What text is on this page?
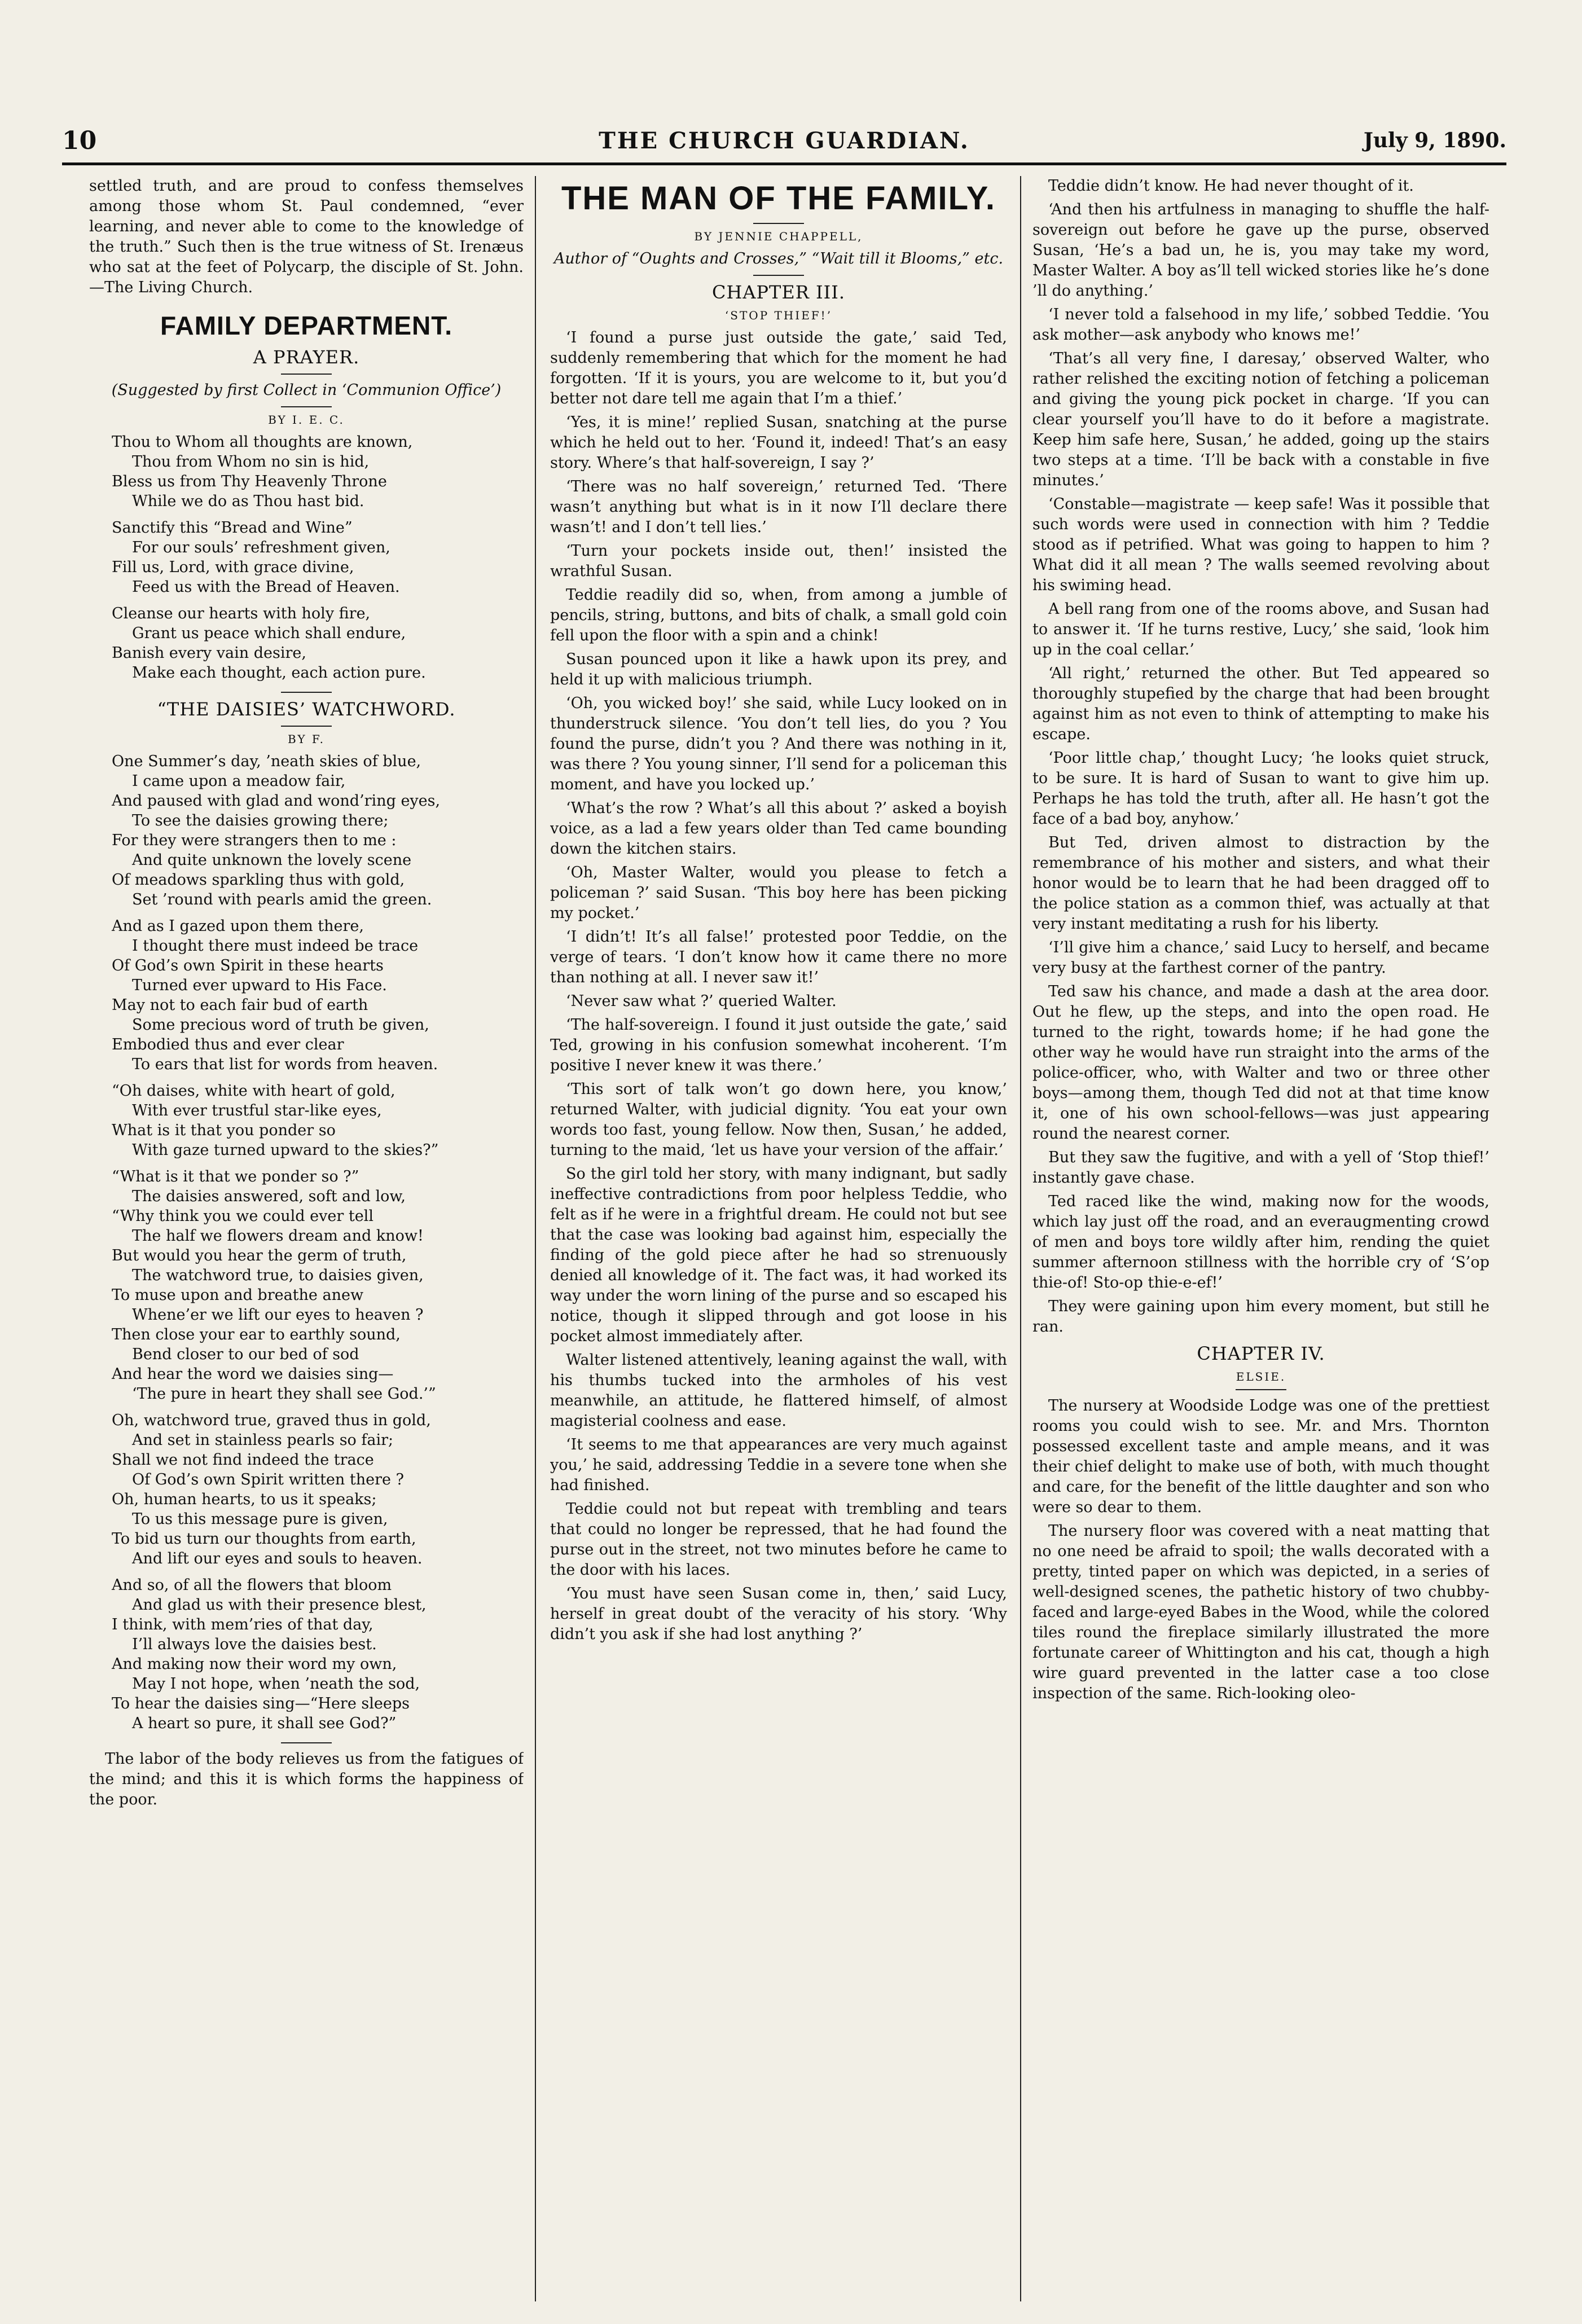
10	THE CHURCH GUARDIAN.	July 9, 1890.

settled truth, and are proud to confess themselves among those whom St. Paul condemned, “ever learning, and never able to come to the knowledge of the truth.” Such then is the true witness of St. Irenæus who sat at the feet of Polycarp, the disciple of St. John.—The Living Church.

FAMILY DEPARTMENT.
A PRAYER.

(Suggested by first Collect in ‘Communion Office’)

BY I. E. C.
Thou to Whom all thoughts are known,
Thou from Whom no sin is hid,
Bless us from Thy Heavenly Throne
While we do as Thou hast bid.
Sanctify this “Bread and Wine”
For our souls’ refreshment given,
Fill us, Lord, with grace divine,
Feed us with the Bread of Heaven.
Cleanse our hearts with holy fire,
Grant us peace which shall endure,
Banish every vain desire,
Make each thought, each action pure.
“THE DAISIES’ WATCHWORD.
BY F.
One Summer’s day, ’neath skies of blue,
I came upon a meadow fair,
And paused with glad and wond’ring eyes,
To see the daisies growing there;
For they were strangers then to me :
And quite unknown the lovely scene
Of meadows sparkling thus with gold,
Set ’round with pearls amid the green.
And as I gazed upon them there,
I thought there must indeed be trace
Of God’s own Spirit in these hearts
Turned ever upward to His Face.
May not to each fair bud of earth
Some precious word of truth be given,
Embodied thus and ever clear
To ears that list for words from heaven.
“Oh daises, white with heart of gold,
With ever trustful star-like eyes,
What is it that you ponder so
With gaze turned upward to the skies?”
“What is it that we ponder so ?”
The daisies answered, soft and low,
“Why think you we could ever tell
The half we flowers dream and know!
But would you hear the germ of truth,
The watchword true, to daisies given,
To muse upon and breathe anew
Whene’er we lift our eyes to heaven ?
Then close your ear to earthly sound,
Bend closer to our bed of sod
And hear the word we daisies sing—
‘The pure in heart they shall see God.’”
Oh, watchword true, graved thus in gold,
And set in stainless pearls so fair;
Shall we not find indeed the trace
Of God’s own Spirit written there ?
Oh, human hearts, to us it speaks;
To us this message pure is given,
To bid us turn our thoughts from earth,
And lift our eyes and souls to heaven.
And so, of all the flowers that bloom
And glad us with their presence blest,
I think, with mem’ries of that day,
I’ll always love the daisies best.
And making now their word my own,
May I not hope, when ’neath the sod,
To hear the daisies sing—“Here sleeps
A heart so pure, it shall see God?”

The labor of the body relieves us from the fatigues of the mind; and this it is which forms the happiness of the poor.

THE MAN OF THE FAMILY.
BY JENNIE CHAPPELL,

Author of “Oughts and Crosses,” “Wait till it Blooms,” etc.

CHAPTER III.
‘STOP THIEF!’

‘I found a purse just outside the gate,’ said Ted, suddenly remembering that which for the moment he had forgotten. ‘If it is yours, you are welcome to it, but you’d better not dare tell me again that I’m a thief.’

‘Yes, it is mine!’ replied Susan, snatching at the purse which he held out to her. ‘Found it, indeed! That’s an easy story. Where’s that half-sovereign, I say ?’

‘There was no half sovereign,’ returned Ted. ‘There wasn’t anything but what is in it now I’ll declare there wasn’t! and I don’t tell lies.’

‘Turn your pockets inside out, then!’ insisted the wrathful Susan.

Teddie readily did so, when, from among a jumble of pencils, string, buttons, and bits of chalk, a small gold coin fell upon the floor with a spin and a chink!

Susan pounced upon it like a hawk upon its prey, and held it up with malicious triumph.

‘Oh, you wicked boy!’ she said, while Lucy looked on in thunderstruck silence. ‘You don’t tell lies, do you ? You found the purse, didn’t you ? And there was nothing in it, was there ? You young sinner, I’ll send for a policeman this moment, and have you locked up.’

‘What’s the row ? What’s all this about ?’ asked a boyish voice, as a lad a few years older than Ted came bounding down the kitchen stairs.

‘Oh, Master Walter, would you please to fetch a policeman ?’ said Susan. ‘This boy here has been picking my pocket.’

‘I didn’t! It’s all false!’ protested poor Teddie, on the verge of tears. ‘I don’t know how it came there no more than nothing at all. I never saw it!’

‘Never saw what ?’ queried Walter.

‘The half-sovereign. I found it just outside the gate,’ said Ted, growing in his confusion somewhat incoherent. ‘I’m positive I never knew it was there.’

‘This sort of talk won’t go down here, you know,’ returned Walter, with judicial dignity. ‘You eat your own words too fast, young fellow. Now then, Susan,’ he added, turning to the maid, ‘let us have your version of the affair.’

So the girl told her story, with many indignant, but sadly ineffective contradictions from poor helpless Teddie, who felt as if he were in a frightful dream. He could not but see that the case was looking bad against him, especially the finding of the gold piece after he had so strenuously denied all knowledge of it. The fact was, it had worked its way under the worn lining of the purse and so escaped his notice, though it slipped through and got loose in his pocket almost immediately after.

Walter listened attentively, leaning against the wall, with his thumbs tucked into the armholes of his vest meanwhile, an attitude, he flattered himself, of almost magisterial coolness and ease.

‘It seems to me that appearances are very much against you,’ he said, addressing Teddie in a severe tone when she had finished.

Teddie could not but repeat with trembling and tears that could no longer be repressed, that he had found the purse out in the street, not two minutes before he came to the door with his laces.

‘You must have seen Susan come in, then,’ said Lucy, herself in great doubt of the veracity of his story. ‘Why didn’t you ask if she had lost anything ?’

Teddie didn’t know. He had never thought of it.

‘And then his artfulness in managing to shuffle the half-sovereign out before he gave up the purse, observed Susan, ‘He’s a bad un, he is, you may take my word, Master Walter. A boy as’ll tell wicked stories like he’s done ’ll do anything.’

‘I never told a falsehood in my life,’ sobbed Teddie. ‘You ask mother—ask anybody who knows me!’

‘That’s all very fine, I daresay,’ observed Walter, who rather relished the exciting notion of fetching a policeman and giving the young pick pocket in charge. ‘If you can clear yourself you’ll have to do it before a magistrate. Keep him safe here, Susan,’ he added, going up the stairs two steps at a time. ‘I’ll be back with a constable in five minutes.’

‘Constable—magistrate — keep safe! Was it possible that such words were used in connection with him ? Teddie stood as if petrified. What was going to happen to him ? What did it all mean ? The walls seemed revolving about his swiming head.

A bell rang from one of the rooms above, and Susan had to answer it. ‘If he turns restive, Lucy,’ she said, ‘look him up in the coal cellar.’

‘All right,’ returned the other. But Ted appeared so thoroughly stupefied by the charge that had been brought against him as not even to think of attempting to make his escape.

‘Poor little chap,’ thought Lucy; ‘he looks quiet struck, to be sure. It is hard of Susan to want to give him up. Perhaps he has told the truth, after all. He hasn’t got the face of a bad boy, anyhow.’

But Ted, driven almost to distraction by the remembrance of his mother and sisters, and what their honor would be to learn that he had been dragged off to the police station as a common thief, was actually at that very instant meditating a rush for his liberty.

‘I’ll give him a chance,’ said Lucy to herself, and became very busy at the farthest corner of the pantry.

Ted saw his chance, and made a dash at the area door. Out he flew, up the steps, and into the open road. He turned to the right, towards home; if he had gone the other way he would have run straight into the arms of the police-officer, who, with Walter and two or three other boys—among them, though Ted did not at that time know it, one of his own school-fellows—was just appearing round the nearest corner.

But they saw the fugitive, and with a yell of ‘Stop thief!’ instantly gave chase.

Ted raced like the wind, making now for the woods, which lay just off the road, and an everaugmenting crowd of men and boys tore wildly after him, rending the quiet summer afternoon stillness with the horrible cry of ‘S’op thie-of! Sto-op thie-e-ef!’

They were gaining upon him every moment, but still he ran.

CHAPTER IV.
ELSIE.

The nursery at Woodside Lodge was one of the prettiest rooms you could wish to see. Mr. and Mrs. Thornton possessed excellent taste and ample means, and it was their chief delight to make use of both, with much thought and care, for the benefit of the little daughter and son who were so dear to them.

The nursery floor was covered with a neat matting that no one need be afraid to spoil; the walls decorated with a pretty, tinted paper on which was depicted, in a series of well-designed scenes, the pathetic history of two chubby-faced and large-eyed Babes in the Wood, while the colored tiles round the fireplace similarly illustrated the more fortunate career of Whittington and his cat, though a high wire guard prevented in the latter case a too close inspection of the same. Rich-looking oleo-
